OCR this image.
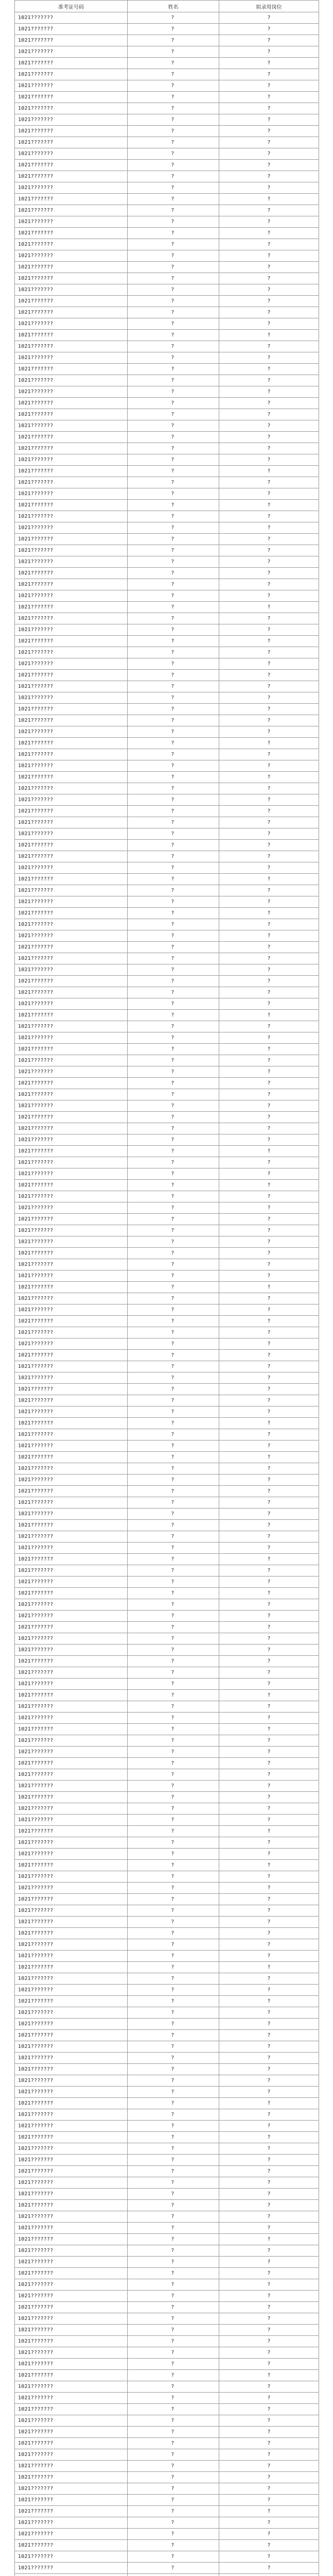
准考证号码	姓名	拟录用岗位
1021???????	?	?
1021???????	?	?
1021???????	?	?
1021???????	?	?
1021???????	?	?
1021???????	?	?
1021???????	?	?
1021???????	?	?
1021???????	?	?
1021???????	?	?
1021???????	?	?
1021???????	?	?
1021???????	?	?
1021???????	?	?
1021???????	?	?
1021???????	?	?
1021???????	?	?
1021???????	?	?
1021???????	?	?
1021???????	?	?
1021???????	?	?
1021???????	?	?
1021???????	?	?
1021???????	?	?
1021???????	?	?
1021???????	?	?
1021???????	?	?
1021???????	?	?
1021???????	?	?
1021???????	?	?
1021???????	?	?
1021???????	?	?
1021???????	?	?
1021???????	?	?
1021???????	?	?
1021???????	?	?
1021???????	?	?
1021???????	?	?
1021???????	?	?
1021???????	?	?
1021???????	?	?
1021???????	?	?
1021???????	?	?
1021???????	?	?
1021???????	?	?
1021???????	?	?
1021???????	?	?
1021???????	?	?
1021???????	?	?
1021???????	?	?
1021???????	?	?
1021???????	?	?
1021???????	?	?
1021???????	?	?
1021???????	?	?
1021???????	?	?
1021???????	?	?
1021???????	?	?
1021???????	?	?
1021???????	?	?
1021???????	?	?
1021???????	?	?
1021???????	?	?
1021???????	?	?
1021???????	?	?
1021???????	?	?
1021???????	?	?
1021???????	?	?
1021???????	?	?
1021???????	?	?
1021???????	?	?
1021???????	?	?
1021???????	?	?
1021???????	?	?
1021???????	?	?
1021???????	?	?
1021???????	?	?
1021???????	?	?
1021???????	?	?
1021???????	?	?
1021???????	?	?
1021???????	?	?
1021???????	?	?
1021???????	?	?
1021???????	?	?
1021???????	?	?
1021???????	?	?
1021???????	?	?
1021???????	?	?
1021???????	?	?
1021???????	?	?
1021???????	?	?
1021???????	?	?
1021???????	?	?
1021???????	?	?
1021???????	?	?
1021???????	?	?
1021???????	?	?
1021???????	?	?
1021???????	?	?
1021???????	?	?
1021???????	?	?
1021???????	?	?
1021???????	?	?
1021???????	?	?
1021???????	?	?
1021???????	?	?
1021???????	?	?
1021???????	?	?
1021???????	?	?
1021???????	?	?
1021???????	?	?
1021???????	?	?
1021???????	?	?
1021???????	?	?
1021???????	?	?
1021???????	?	?
1021???????	?	?
1021???????	?	?
1021???????	?	?
1021???????	?	?
1021???????	?	?
1021???????	?	?
1021???????	?	?
1021???????	?	?
1021???????	?	?
1021???????	?	?
1021???????	?	?
1021???????	?	?
1021???????	?	?
1021???????	?	?
1021???????	?	?
1021???????	?	?
1021???????	?	?
1021???????	?	?
1021???????	?	?
1021???????	?	?
1021???????	?	?
1021???????	?	?
1021???????	?	?
1021???????	?	?
1021???????	?	?
1021???????	?	?
1021???????	?	?
1021???????	?	?
1021???????	?	?
1021???????	?	?
1021???????	?	?
1021???????	?	?
1021???????	?	?
1021???????	?	?
1021???????	?	?
1021???????	?	?
1021???????	?	?
1021???????	?	?
1021???????	?	?
1021???????	?	?
1021???????	?	?
1021???????	?	?
1021???????	?	?
1021???????	?	?
1021???????	?	?
1021???????	?	?
1021???????	?	?
1021???????	?	?
1021???????	?	?
1021???????	?	?
1021???????	?	?
1021???????	?	?
1021???????	?	?
1021???????	?	?
1021???????	?	?
1021???????	?	?
1021???????	?	?
1021???????	?	?
1021???????	?	?
1021???????	?	?
1021???????	?	?
1021???????	?	?
1021???????	?	?
1021???????	?	?
1021???????	?	?
1021???????	?	?
1021???????	?	?
1021???????	?	?
1021???????	?	?
1021???????	?	?
1021???????	?	?
1021???????	?	?
1021???????	?	?
1021???????	?	?
1021???????	?	?
1021???????	?	?
1021???????	?	?
1021???????	?	?
1021???????	?	?
1021???????	?	?
1021???????	?	?
1021???????	?	?
1021???????	?	?
1021???????	?	?
1021???????	?	?
1021???????	?	?
1021???????	?	?
1021???????	?	?
1021???????	?	?
1021???????	?	?
1021???????	?	?
1021???????	?	?
1021???????	?	?
1021???????	?	?
1021???????	?	?
1021???????	?	?
1021???????	?	?
1021???????	?	?
1021???????	?	?
1021???????	?	?
1021???????	?	?
1021???????	?	?
1021???????	?	?
1021???????	?	?
1021???????	?	?
1021???????	?	?
1021???????	?	?
1021???????	?	?
1021???????	?	?
